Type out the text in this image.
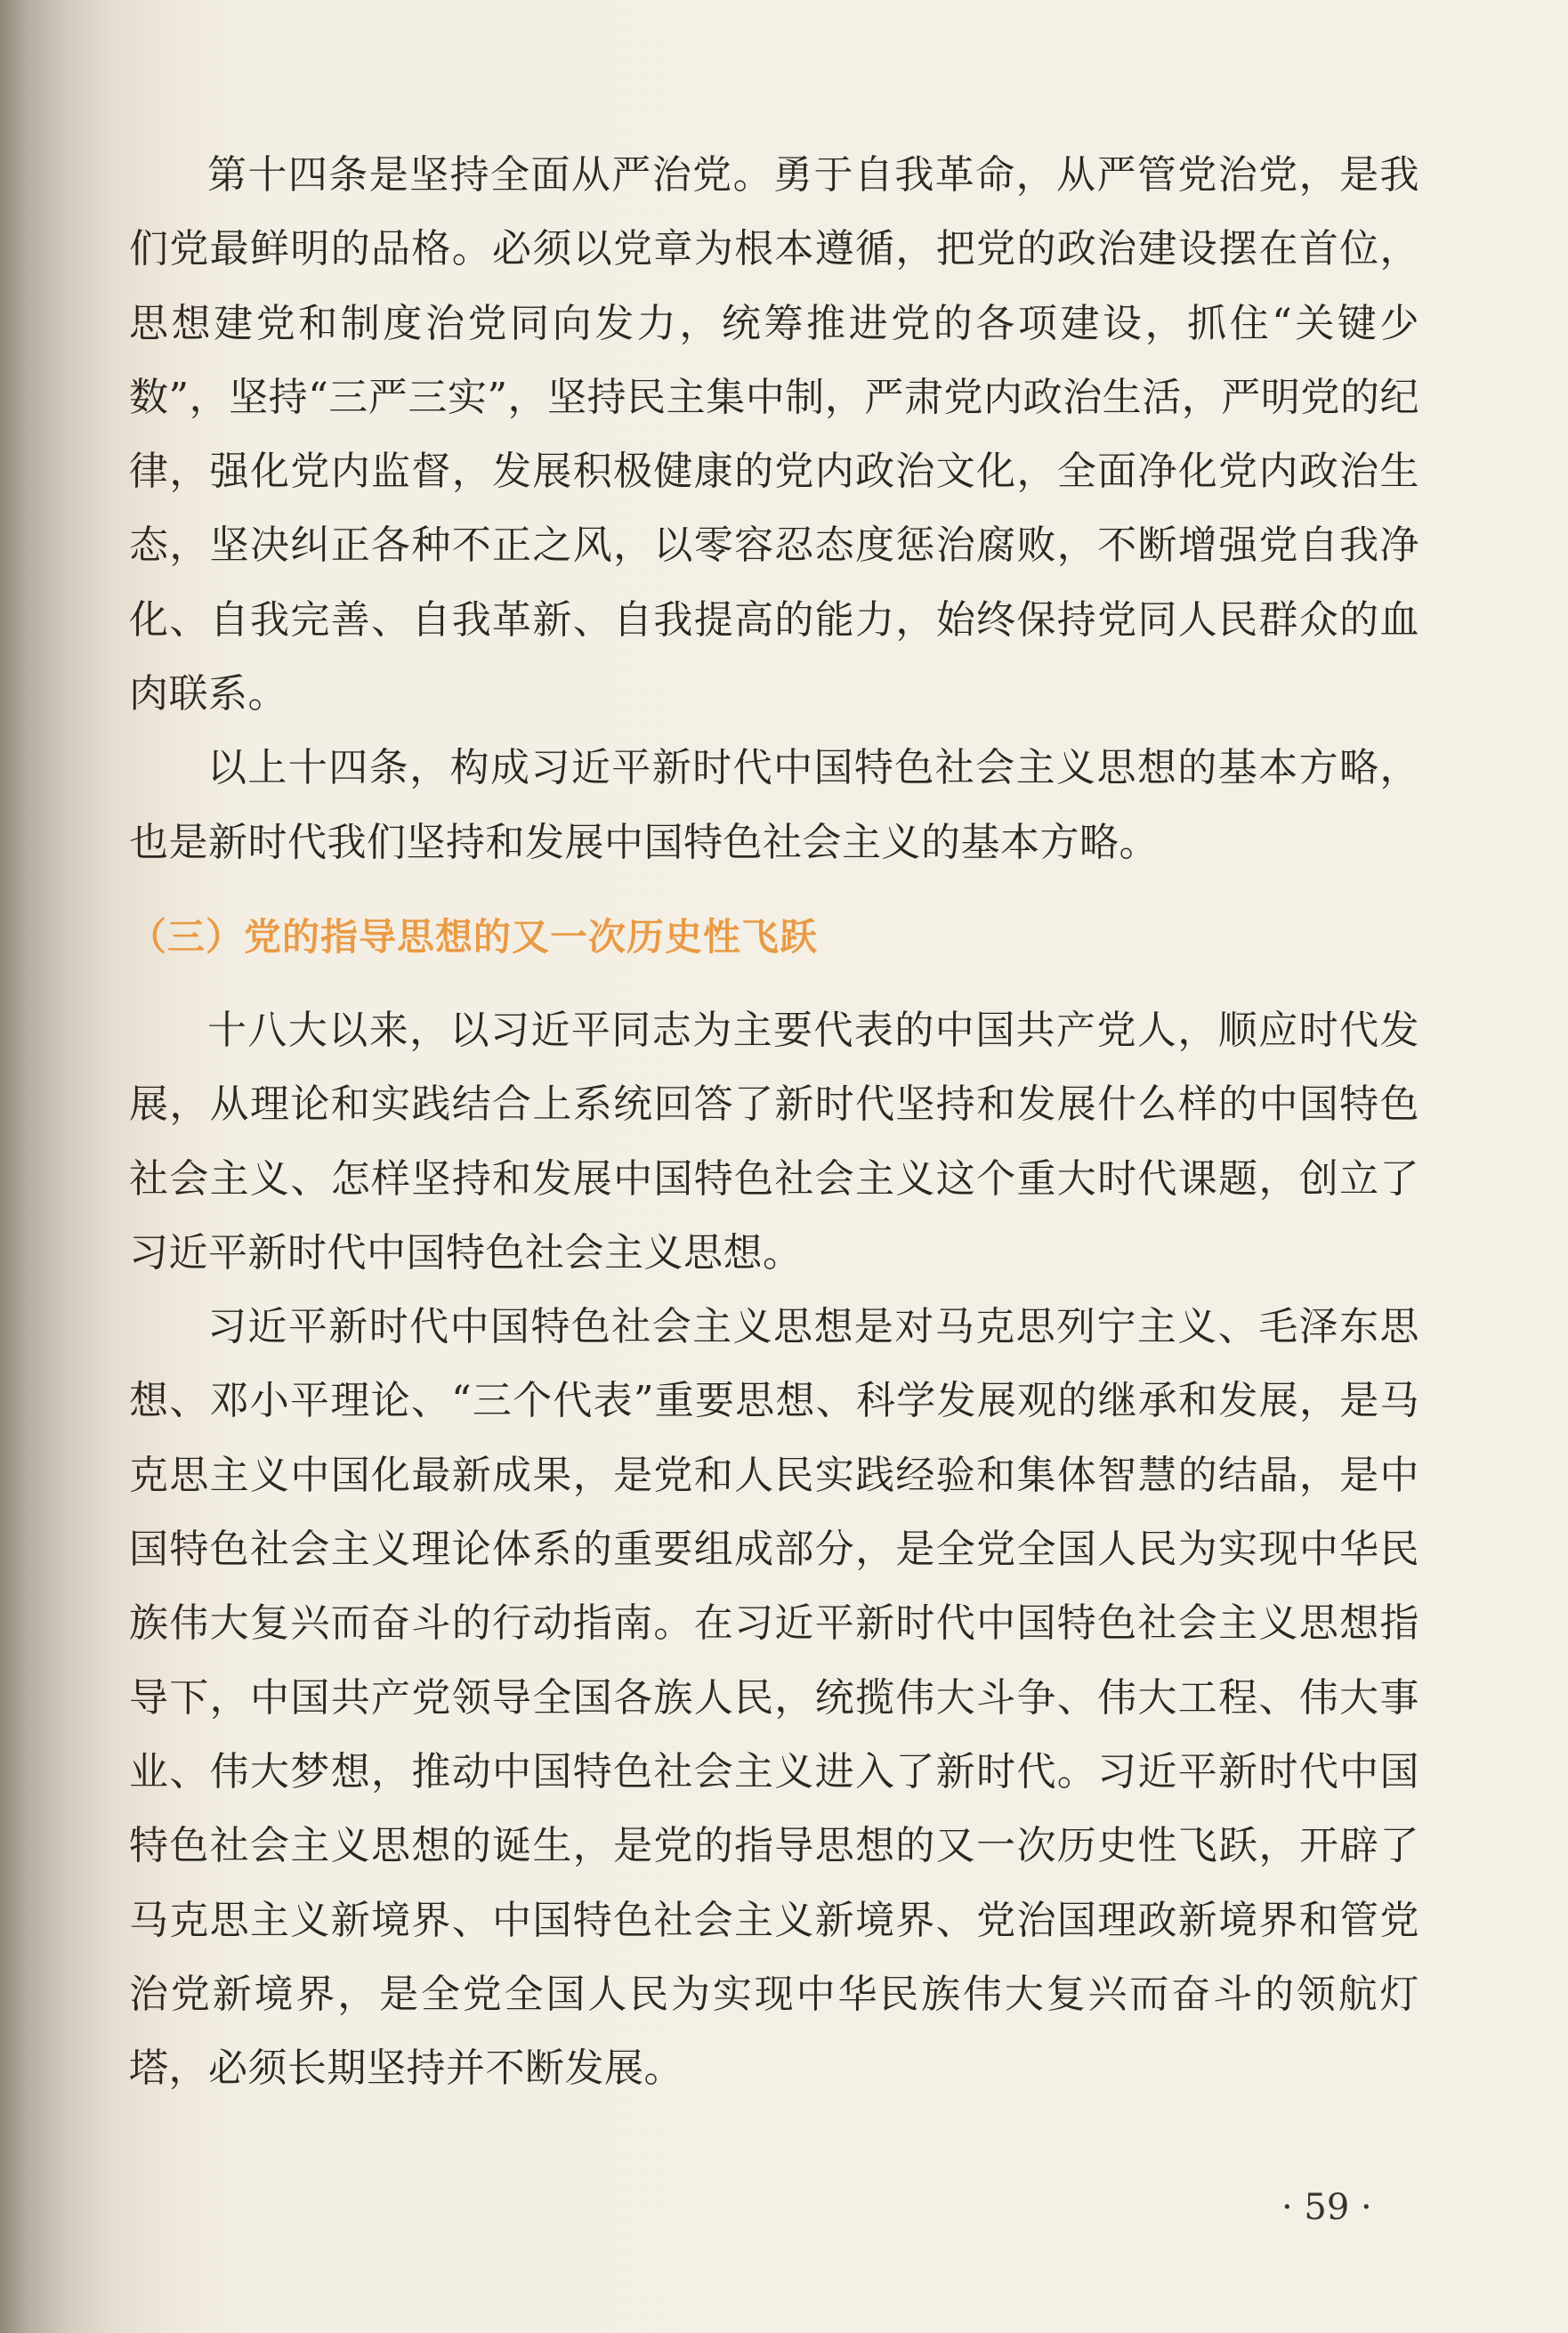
第十四条是坚持全面从严治党。勇于自我革命，从严管党治党，是我们党最鲜明的品格。必须以党章为根本遵循，把党的政治建设摆在首位，思想建党和制度治党同向发力，统筹推进党的各项建设，抓住“关键少数”，坚持“三严三实”，坚持民主集中制，严肃党内政治生活，严明党的纪律，强化党内监督，发展积极健康的党内政治文化，全面净化党内政治生态，坚决纠正各种不正之风，以零容忍态度惩治腐败，不断增强党自我净化、自我完善、自我革新、自我提高的能力，始终保持党同人民群众的血肉联系。

以上十四条，构成习近平新时代中国特色社会主义思想的基本方略，也是新时代我们坚持和发展中国特色社会主义的基本方略。

（三）党的指导思想的又一次历史性飞跃

十八大以来，以习近平同志为主要代表的中国共产党人，顺应时代发展，从理论和实践结合上系统回答了新时代坚持和发展什么样的中国特色社会主义、怎样坚持和发展中国特色社会主义这个重大时代课题，创立了习近平新时代中国特色社会主义思想。

习近平新时代中国特色社会主义思想是对马克思列宁主义、毛泽东思想、邓小平理论、“三个代表”重要思想、科学发展观的继承和发展，是马克思主义中国化最新成果，是党和人民实践经验和集体智慧的结晶，是中国特色社会主义理论体系的重要组成部分，是全党全国人民为实现中华民族伟大复兴而奋斗的行动指南。在习近平新时代中国特色社会主义思想指导下，中国共产党领导全国各族人民，统揽伟大斗争、伟大工程、伟大事业、伟大梦想，推动中国特色社会主义进入了新时代。习近平新时代中国特色社会主义思想的诞生，是党的指导思想的又一次历史性飞跃，开辟了马克思主义新境界、中国特色社会主义新境界、党治国理政新境界和管党治党新境界，是全党全国人民为实现中华民族伟大复兴而奋斗的领航灯塔，必须长期坚持并不断发展。

· 59 ·
